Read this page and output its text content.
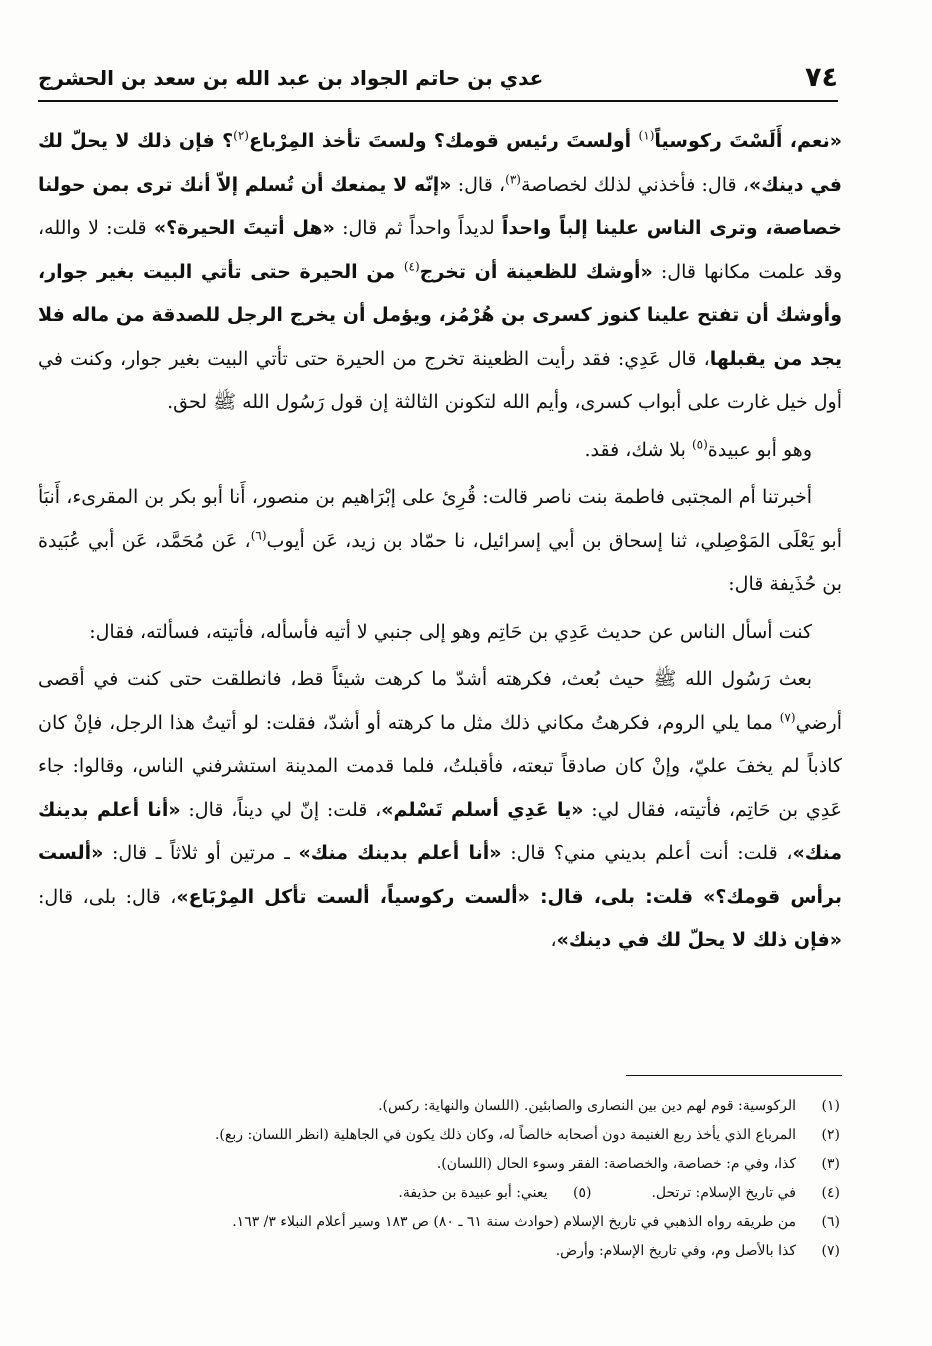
٧٤
عدي بن حاتم الجواد بن عبد الله بن سعد بن الحشرج

«نعم، أَلَسْتَ ركوسياً$^{(١)}$ أولستَ رئيس قومك؟ ولستَ تأخذ المِرْباع$^{(٢)}$؟ فإن ذلك لا يحلّ لك في دينك»، قال: فأخذني لذلك لخصاصة$^{(٣)}$، قال: «إنّه لا يمنعك أن تُسلم إلاّ أنك ترى بمن حولنا خصاصة، وترى الناس علينا إلباً واحداً لديداً واحداً ثم قال: «هل أتيتَ الحيرة؟» قلت: لا والله، وقد علمت مكانها قال: «أوشك للظعينة أن تخرج$^{(٤)}$ من الحيرة حتى تأتي البيت بغير جوار، وأوشك أن تفتح علينا كنوز كسرى بن هُرْمُز، ويؤمل أن يخرج الرجل للصدقة من ماله فلا يجد من يقبلها، قال عَدِي: فقد رأيت الظعينة تخرج من الحيرة حتى تأتي البيت بغير جوار، وكنت في أول خيل غارت على أبواب كسرى، وأيم الله لتكونن الثالثة إن قول رَسُول الله ﷺ لحق.

وهو أبو عبيدة$^{(٥)}$ بلا شك، فقد.

أخبرتنا أم المجتبى فاطمة بنت ناصر قالت: قُرِئ على إبْرَاهيم بن منصور، أَنا أبو بكر بن المقرىء، أَنبَأ أبو يَعْلَى المَوْصِلي، ثنا إسحاق بن أبي إسرائيل، نا حمّاد بن زيد، عَن أيوب$^{(٦)}$، عَن مُحَمَّد، عَن أبي عُبَيدة بن حُذَيفة قال:

كنت أسأل الناس عن حديث عَدِي بن حَاتِم وهو إلى جنبي لا أتيه فأسأله، فأتيته، فسألته، فقال:

بعث رَسُول الله ﷺ حيث بُعث، فكرهته أشدّ ما كرهت شيئاً قط، فانطلقت حتى كنت في أقصى أرضي$^{(٧)}$ مما يلي الروم، فكرهتُ مكاني ذلك مثل ما كرهته أو أشدّ، فقلت: لو أتيتُ هذا الرجل، فإنْ كان كاذباً لم يخفَ عليّ، وإنْ كان صادقاً تبعته، فأقبلتُ، فلما قدمت المدينة استشرفني الناس، وقالوا: جاء عَدِي بن حَاتِم، فأتيته، فقال لي: «يا عَدِي أسلم تَسْلم»، قلت: إنّ لي ديناً، قال: «أنا أعلم بدينك منك»، قلت: أنت أعلم بديني مني؟ قال: «أنا أعلم بدينك منك» ـ مرتين أو ثلاثاً ـ قال: «ألست برأس قومك؟» قلت: بلى، قال: «ألست ركوسياً، ألست تأكل المِرْبَاع»، قال: بلى، قال: «فإن ذلك لا يحلّ لك في دينك»،

(١)
الركوسية: قوم لهم دين بين النصارى والصابئين. (اللسان والنهاية: ركس).
(٢)
المرباع الذي يأخذ ربع الغنيمة دون أصحابه خالصاً له، وكان ذلك يكون في الجاهلية (انظر اللسان: ربع).
(٣)
كذا، وفي م: خصاصة، والخصاصة: الفقر وسوء الحال (اللسان).
(٤)
في تاريخ الإسلام: ترتحل.
(٥)
يعني: أبو عبيدة بن حذيفة.
(٦)
من طريقه رواه الذهبي في تاريخ الإسلام (حوادث سنة ٦١ ـ ٨٠) ص ١٨٣ وسير أعلام النبلاء ٣/ ١٦٣.
(٧)
كذا بالأصل وم، وفي تاريخ الإسلام: وأرض.
